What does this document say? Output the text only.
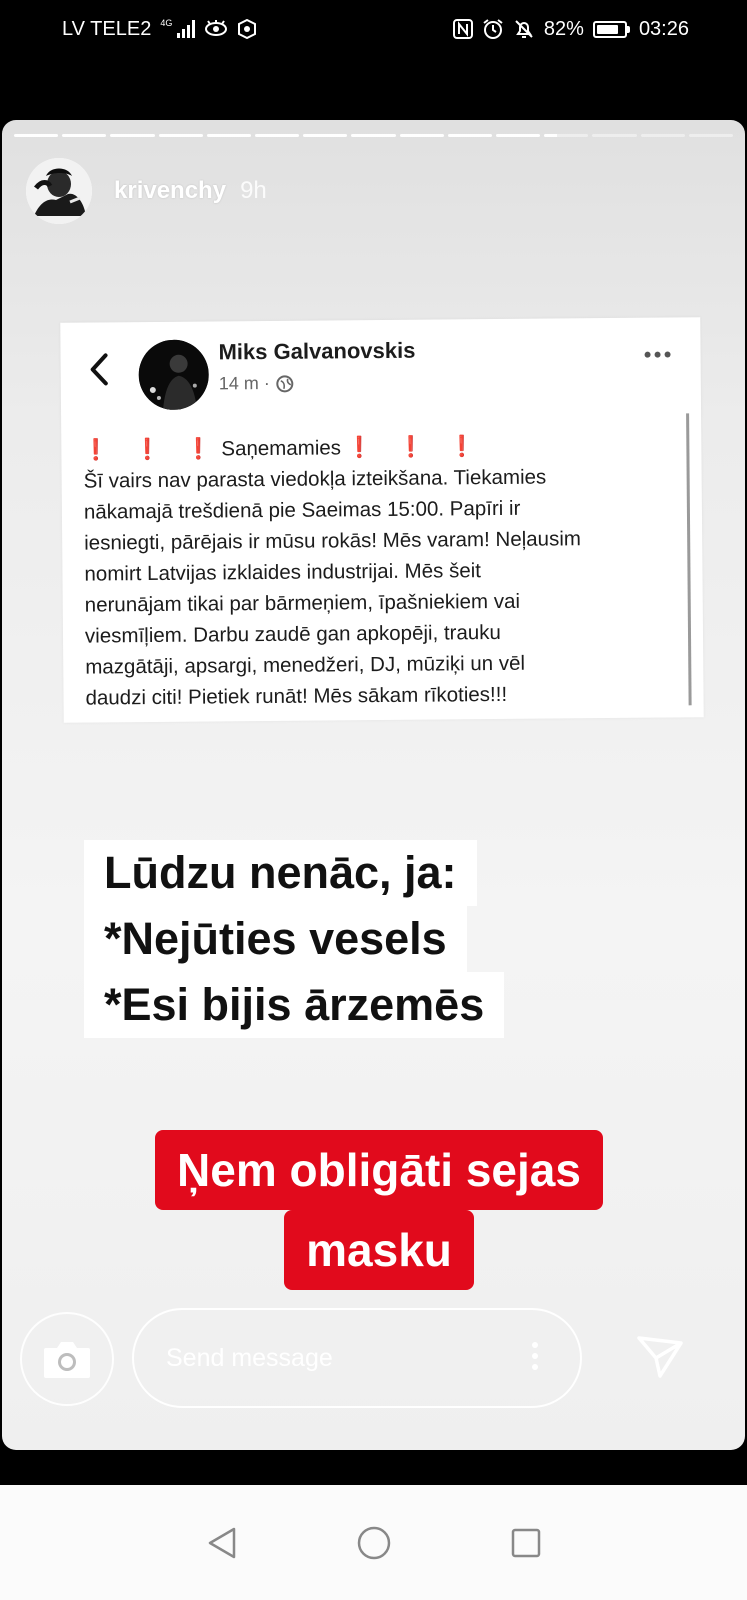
LV TELE2 4G	82%	03:26
krivenchy 9h
Miks Galvanovskis
14 m ·
❗ ❗ ❗Saņemamies ❗ ❗ ❗
Šī vairs nav parasta viedokļa izteikšana. Tiekamies
nākamajā trešdienā pie Saeimas 15:00. Papīri ir
iesniegti, pārējais ir mūsu rokās! Mēs varam! Neļausim
nomirt Latvijas izklaides industrijai. Mēs šeit
nerunājam tikai par bārmeņiem, īpašniekiem vai
viesmīļiem. Darbu zaudē gan apkopēji, trauku
mazgātāji, apsargi, menedžeri, DJ, mūziķi un vēl
daudzi citi! Pietiek runāt! Mēs sākam rīkoties!!!
Lūdzu nenāc, ja:
*Nejūties vesels
*Esi bijis ārzemēs
Ņem obligāti sejas
masku
Send message
